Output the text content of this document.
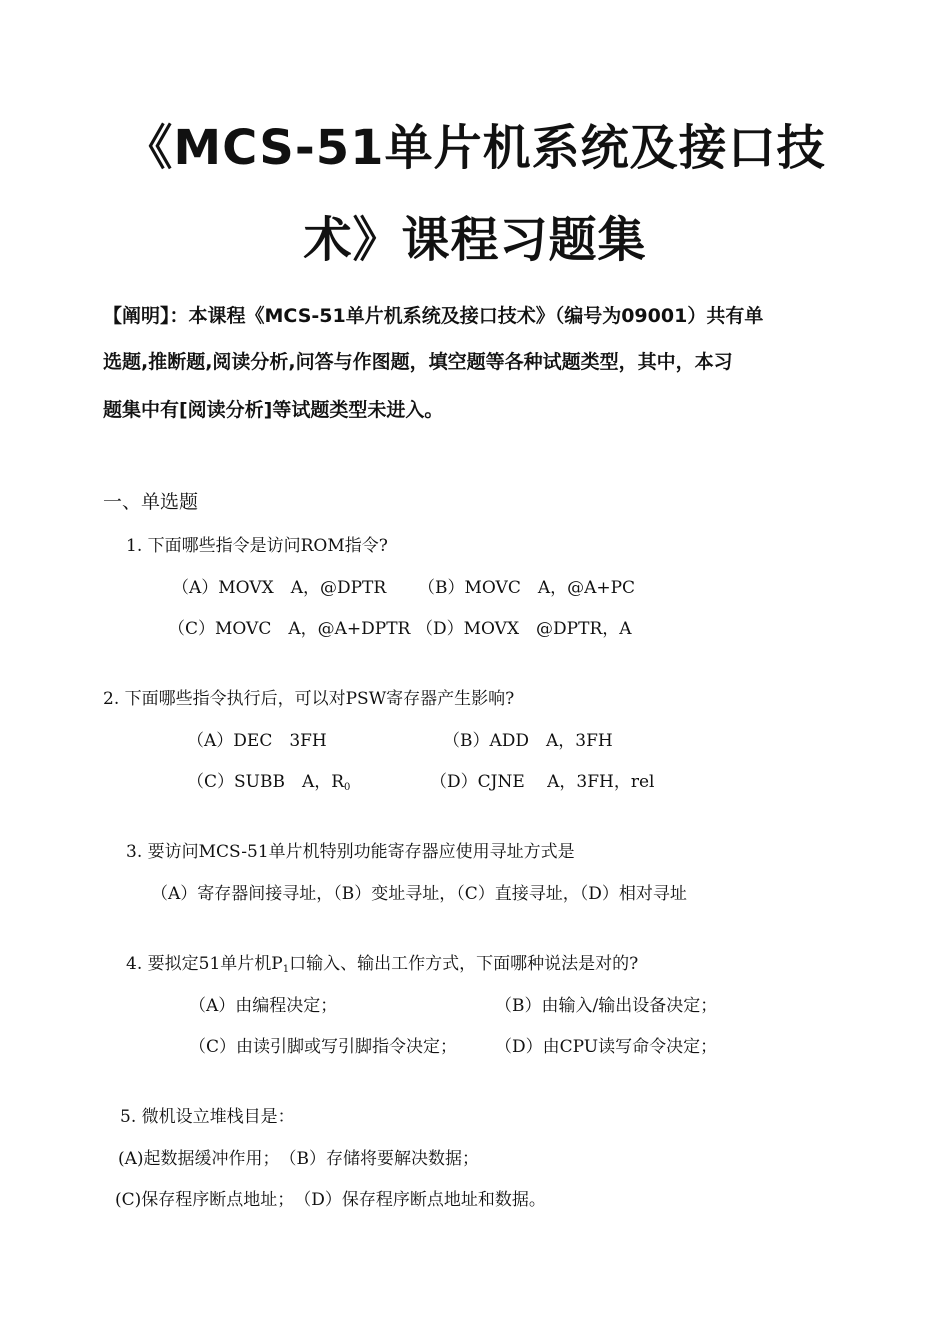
《MCS-51单片机系统及接口技
术》课程习题集
【阐明】：本课程《MCS-51单片机系统及接口技术》（编号为09001）共有单
选题,推断题,阅读分析,问答与作图题，填空题等各种试题类型，其中，本习
题集中有[阅读分析]等试题类型未进入。
一、单选题
1. 下面哪些指令是访问ROM指令?
（A）MOVX　A，@DPTR （B）MOVC　A，@A+PC
（C）MOVC　A，@A+DPTR （D）MOVX　@DPTR，A
2. 下面哪些指令执行后，可以对PSW寄存器产生影响?
（A）DEC　3FH	（B）ADD　A，3FH
（C）SUBB　A，$R_0$	（D）CJNE　 A，3FH，rel
3. 要访问MCS-51单片机特别功能寄存器应使用寻址方式是
（A）寄存器间接寻址，（B）变址寻址，（C）直接寻址，（D）相对寻址
4. 要拟定51单片机$P_1$口输入、输出工作方式，下面哪种说法是对的?
（A）由编程决定；	（B）由输入/输出设备决定；
（C）由读引脚或写引脚指令决定； （D）由CPU读写命令决定；
5. 微机设立堆栈目是：
(A)起数据缓冲作用；　（B）存储将要解决数据；
(C)保存程序断点地址；　（D）保存程序断点地址和数据。
